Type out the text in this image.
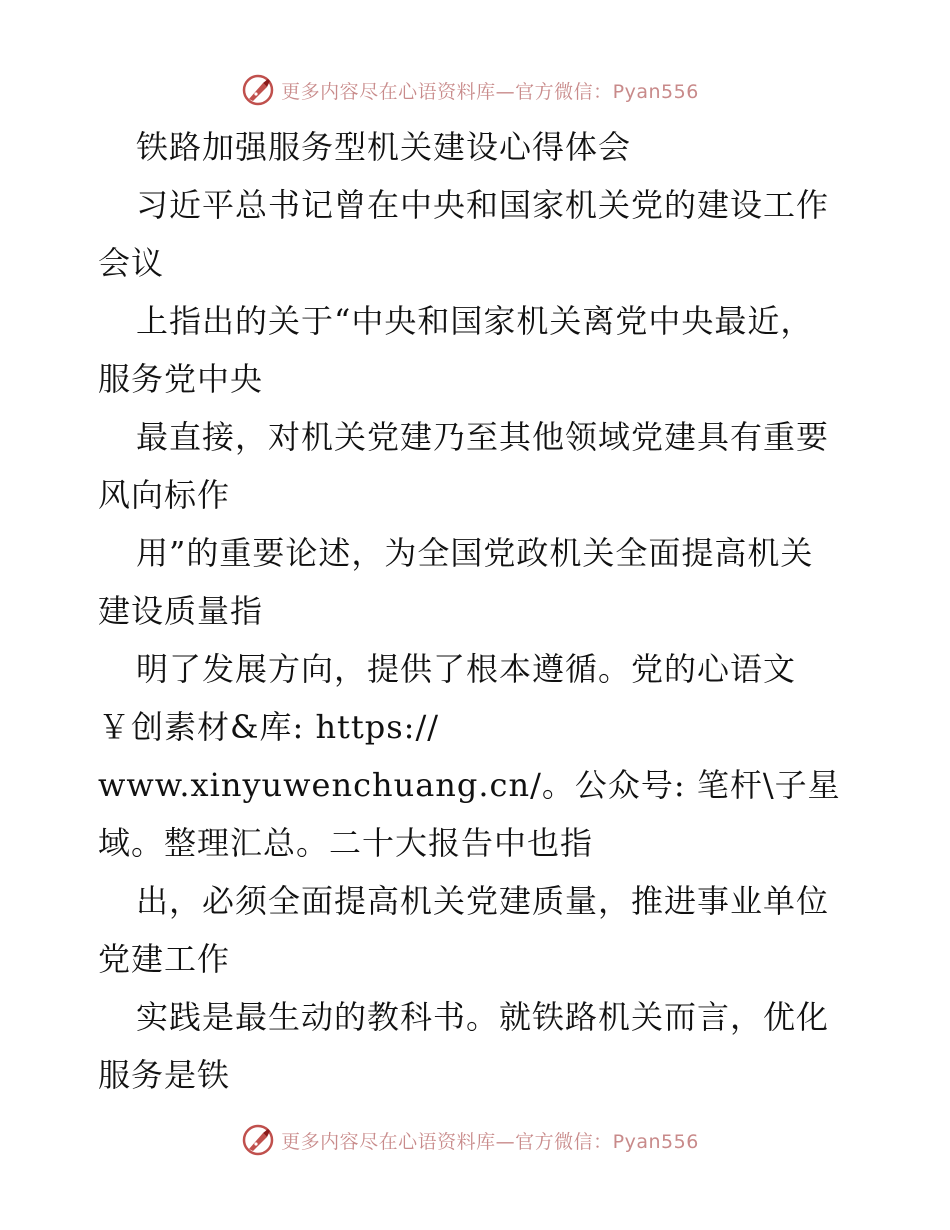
更多内容尽在心语资料库—官方微信：Pyan556
铁路加强服务型机关建设心得体会
习近平总书记曾在中央和国家机关党的建设工作
会议
上指出的关于“中央和国家机关离党中央最近，
服务党中央
最直接，对机关党建乃至其他领域党建具有重要
风向标作
用”的重要论述，为全国党政机关全面提高机关
建设质量指
明了发展方向，提供了根本遵循。党的心语文
￥创素材&库: https://
www.xinyuwenchuang.cn/。公众号: 笔杆\子星
域。整理汇总。二十大报告中也指
出，必须全面提高机关党建质量，推进事业单位
党建工作
实践是最生动的教科书。就铁路机关而言，优化
服务是铁
更多内容尽在心语资料库—官方微信：Pyan556
